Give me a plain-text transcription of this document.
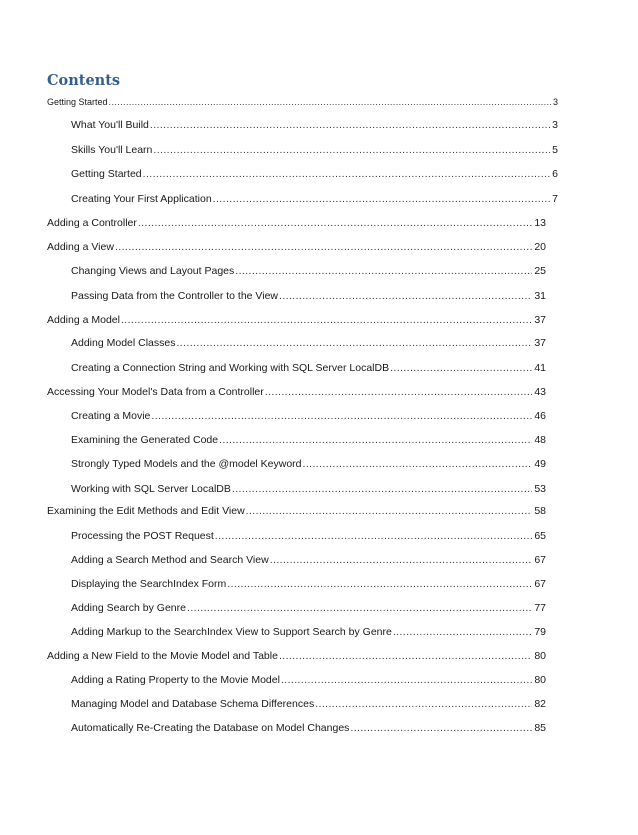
Contents
Getting Started .....	3
What You'll Build .....	3
Skills You'll Learn .....	5
Getting Started .....	6
Creating Your First Application .....	7
Adding a Controller .....	13
Adding a View .....	20
Changing Views and Layout Pages .....	25
Passing Data from the Controller to the View .....	31
Adding a Model .....	37
Adding Model Classes .....	37
Creating a Connection String and Working with SQL Server LocalDB .....	41
Accessing Your Model's Data from a Controller .....	43
Creating a Movie .....	46
Examining the Generated Code .....	48
Strongly Typed Models and the @model Keyword .....	49
Working with SQL Server LocalDB .....	53
Examining the Edit Methods and Edit View .....	58
Processing the POST Request .....	65
Adding a Search Method and Search View .....	67
Displaying the SearchIndex Form .....	67
Adding Search by Genre .....	77
Adding Markup to the SearchIndex View to Support Search by Genre .....	79
Adding a New Field to the Movie Model and Table .....	80
Adding a Rating Property to the Movie Model .....	80
Managing Model and Database Schema Differences .....	82
Automatically Re-Creating the Database on Model Changes .....	85
